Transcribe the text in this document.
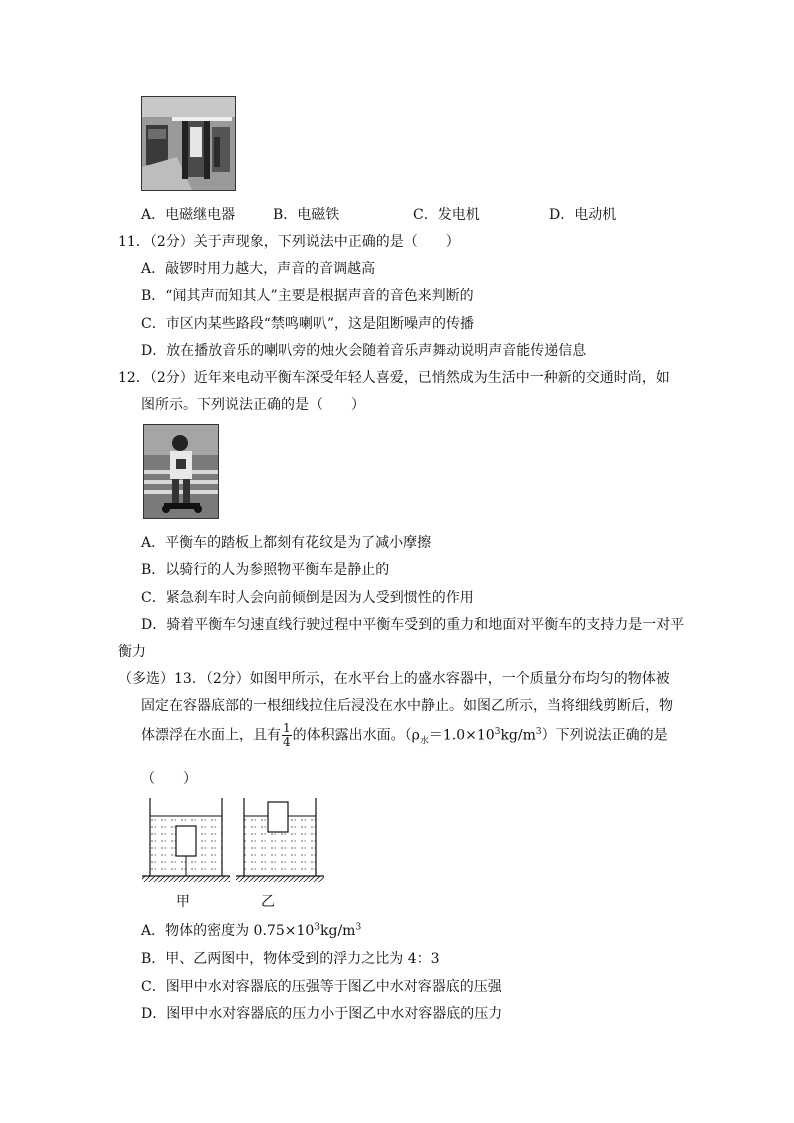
A．电磁继电器	B．电磁铁	C．发电机	D．电动机
11．（2分）关于声现象，下列说法中正确的是（　　）
A．敲锣时用力越大，声音的音调越高
B．“闻其声而知其人”主要是根据声音的音色来判断的
C．市区内某些路段“禁鸣喇叭”，这是阻断噪声的传播
D．放在播放音乐的喇叭旁的烛火会随着音乐声舞动说明声音能传递信息
12．（2分）近年来电动平衡车深受年轻人喜爱，已悄然成为生活中一种新的交通时尚，如
图所示。下列说法正确的是（　　）
A．平衡车的踏板上都刻有花纹是为了减小摩擦
B．以骑行的人为参照物平衡车是静止的
C．紧急刹车时人会向前倾倒是因为人受到惯性的作用
D．骑着平衡车匀速直线行驶过程中平衡车受到的重力和地面对平衡车的支持力是一对平
衡力
（多选）13．（2分）如图甲所示，在水平台上的盛水容器中，一个质量分布均匀的物体被
固定在容器底部的一根细线拉住后浸没在水中静止。如图乙所示，当将细线剪断后，物
体漂浮在水面上，且有 $\frac{1}{4}$ 的体积露出水面。$(\rho_水=1.0\times 10^3kg/m^3)$下列说法正确的是
（　　）
甲	乙
A．物体的密度为 $0.75\times 10^3kg/m^3$
B．甲、乙两图中，物体受到的浮力之比为 4：3
C．图甲中水对容器底的压强等于图乙中水对容器底的压强
D．图甲中水对容器底的压力小于图乙中水对容器底的压力
